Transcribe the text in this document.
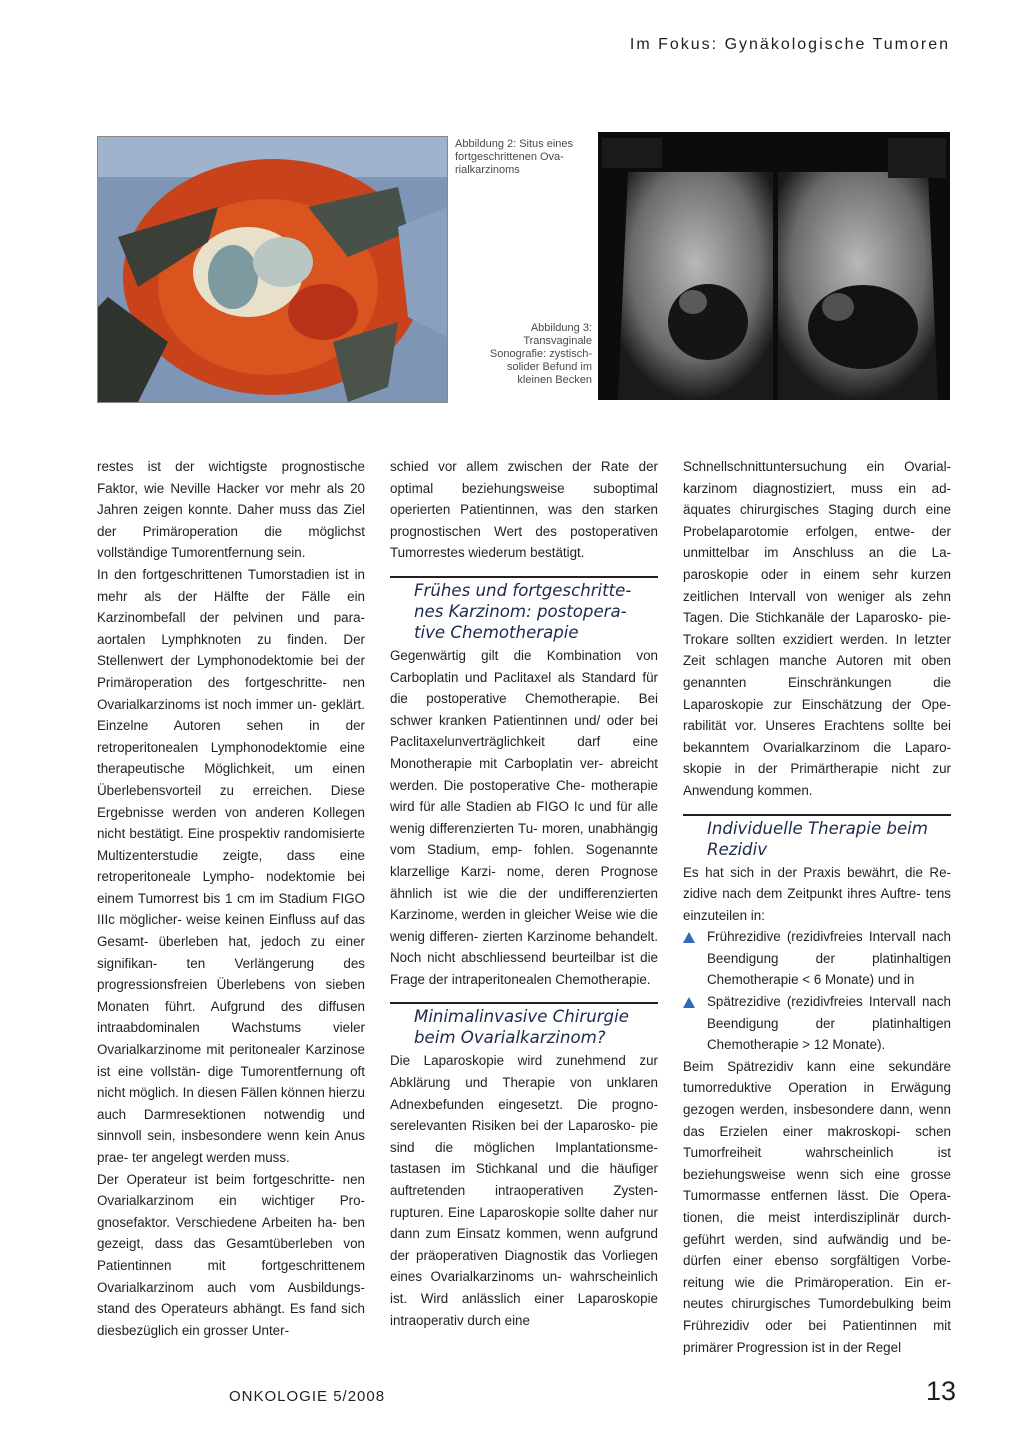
Im Fokus: Gynäkologische Tumoren
Abbildung 2: Situs eines fortgeschrittenen Ova- rialkarzinoms
Abbildung 3: Transvaginale Sonografie: zystisch-solider Befund im kleinen Becken

restes ist der wichtigste prognostische Faktor, wie Neville Hacker vor mehr als 20 Jahren zeigen konnte. Daher muss das Ziel der Primäroperation die möglichst vollständige Tumorentfernung sein.

In den fortgeschrittenen Tumorstadien ist in mehr als der Hälfte der Fälle ein Karzinombefall der pelvinen und para- aortalen Lymphknoten zu finden. Der Stellenwert der Lymphonodektomie bei der Primäroperation des fortgeschritte- nen Ovarialkarzinoms ist noch immer un- geklärt. Einzelne Autoren sehen in der retroperitonealen Lymphonodektomie eine therapeutische Möglichkeit, um einen Überlebensvorteil zu erreichen. Diese Ergebnisse werden von anderen Kollegen nicht bestätigt. Eine prospektiv randomisierte Multizenterstudie zeigte, dass eine retroperitoneale Lympho- nodektomie bei einem Tumorrest bis 1 cm im Stadium FIGO IIIc möglicher- weise keinen Einfluss auf das Gesamt- überleben hat, jedoch zu einer signifikan- ten Verlängerung des progressionsfreien Überlebens von sieben Monaten führt. Aufgrund des diffusen intraabdominalen Wachstums vieler Ovarialkarzinome mit peritonealer Karzinose ist eine vollstän- dige Tumorentfernung oft nicht möglich. In diesen Fällen können hierzu auch Darmresektionen notwendig und sinnvoll sein, insbesondere wenn kein Anus prae- ter angelegt werden muss.

Der Operateur ist beim fortgeschritte- nen Ovarialkarzinom ein wichtiger Pro- gnosefaktor. Verschiedene Arbeiten ha- ben gezeigt, dass das Gesamtüberleben von Patientinnen mit fortgeschrittenem Ovarialkarzinom auch vom Ausbildungs- stand des Operateurs abhängt. Es fand sich diesbezüglich ein grosser Unter-

schied vor allem zwischen der Rate der optimal beziehungsweise suboptimal operierten Patientinnen, was den starken prognostischen Wert des postoperativen Tumorrestes wiederum bestätigt.

Frühes und fortgeschritte- nes Karzinom: postopera- tive Chemotherapie

Gegenwärtig gilt die Kombination von Carboplatin und Paclitaxel als Standard für die postoperative Chemotherapie. Bei schwer kranken Patientinnen und/ oder bei Paclitaxelunverträglichkeit darf eine Monotherapie mit Carboplatin ver- abreicht werden. Die postoperative Che- motherapie wird für alle Stadien ab FIGO Ic und für alle wenig differenzierten Tu- moren, unabhängig vom Stadium, emp- fohlen. Sogenannte klarzellige Karzi- nome, deren Prognose ähnlich ist wie die der undifferenzierten Karzinome, werden in gleicher Weise wie die wenig differen- zierten Karzinome behandelt. Noch nicht abschliessend beurteilbar ist die Frage der intraperitonealen Chemotherapie.

Minimalinvasive Chirurgie beim Ovarialkarzinom?

Die Laparoskopie wird zunehmend zur Abklärung und Therapie von unklaren Adnexbefunden eingesetzt. Die progno- serelevanten Risiken bei der Laparosko- pie sind die möglichen Implantationsme- tastasen im Stichkanal und die häufiger auftretenden intraoperativen Zysten- rupturen. Eine Laparoskopie sollte daher nur dann zum Einsatz kommen, wenn aufgrund der präoperativen Diagnostik das Vorliegen eines Ovarialkarzinoms un- wahrscheinlich ist. Wird anlässlich einer Laparoskopie intraoperativ durch eine

Schnellschnittuntersuchung ein Ovarial- karzinom diagnostiziert, muss ein ad- äquates chirurgisches Staging durch eine Probelaparotomie erfolgen, entwe- der unmittelbar im Anschluss an die La- paroskopie oder in einem sehr kurzen zeitlichen Intervall von weniger als zehn Tagen. Die Stichkanäle der Laparosko- pie-Trokare sollten exzidiert werden. In letzter Zeit schlagen manche Autoren mit oben genannten Einschränkungen die Laparoskopie zur Einschätzung der Ope- rabilität vor. Unseres Erachtens sollte bei bekanntem Ovarialkarzinom die Laparo- skopie in der Primärtherapie nicht zur Anwendung kommen.

Individuelle Therapie beim Rezidiv

Es hat sich in der Praxis bewährt, die Re- zidive nach dem Zeitpunkt ihres Auftre- tens einzuteilen in:

Frührezidive (rezidivfreies Intervall nach Beendigung der platinhaltigen Chemotherapie < 6 Monate) und in
Spätrezidive (rezidivfreies Intervall nach Beendigung der platinhaltigen Chemotherapie > 12 Monate).

Beim Spätrezidiv kann eine sekundäre tumorreduktive Operation in Erwägung gezogen werden, insbesondere dann, wenn das Erzielen einer makroskopi- schen Tumorfreiheit wahrscheinlich ist beziehungsweise wenn sich eine grosse Tumormasse entfernen lässt. Die Opera- tionen, die meist interdisziplinär durch- geführt werden, sind aufwändig und be- dürfen einer ebenso sorgfältigen Vorbe- reitung wie die Primäroperation. Ein er- neutes chirurgisches Tumordebulking beim Frührezidiv oder bei Patientinnen mit primärer Progression ist in der Regel

ONKOLOGIE 5/2008	13
